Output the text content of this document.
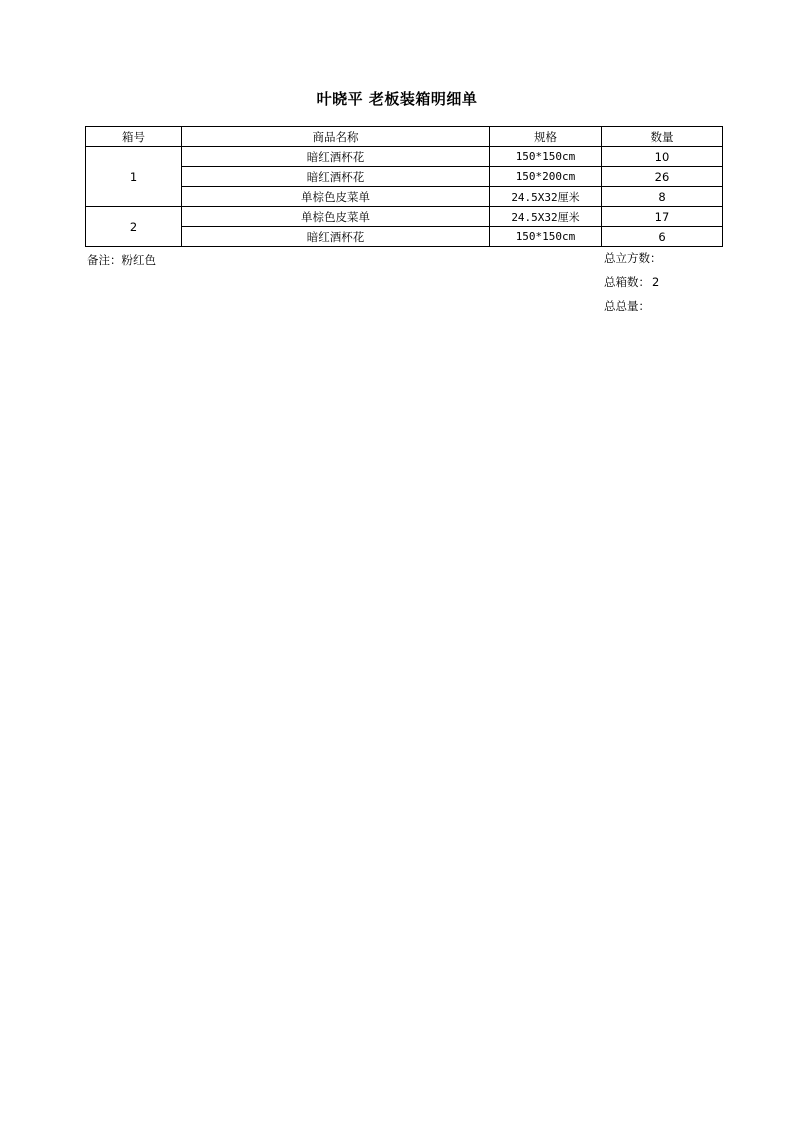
叶晓平 老板装箱明细单
箱号	商品名称	规格	数量
1	暗红酒杯花	150*150cm	10
	暗红酒杯花	150*200cm	26
	单棕色皮菜单	24.5X32厘米	8
2	单棕色皮菜单	24.5X32厘米	17
	暗红酒杯花	150*150cm	6
备注：粉红色	总立方数：
总箱数： 2
总总量：
